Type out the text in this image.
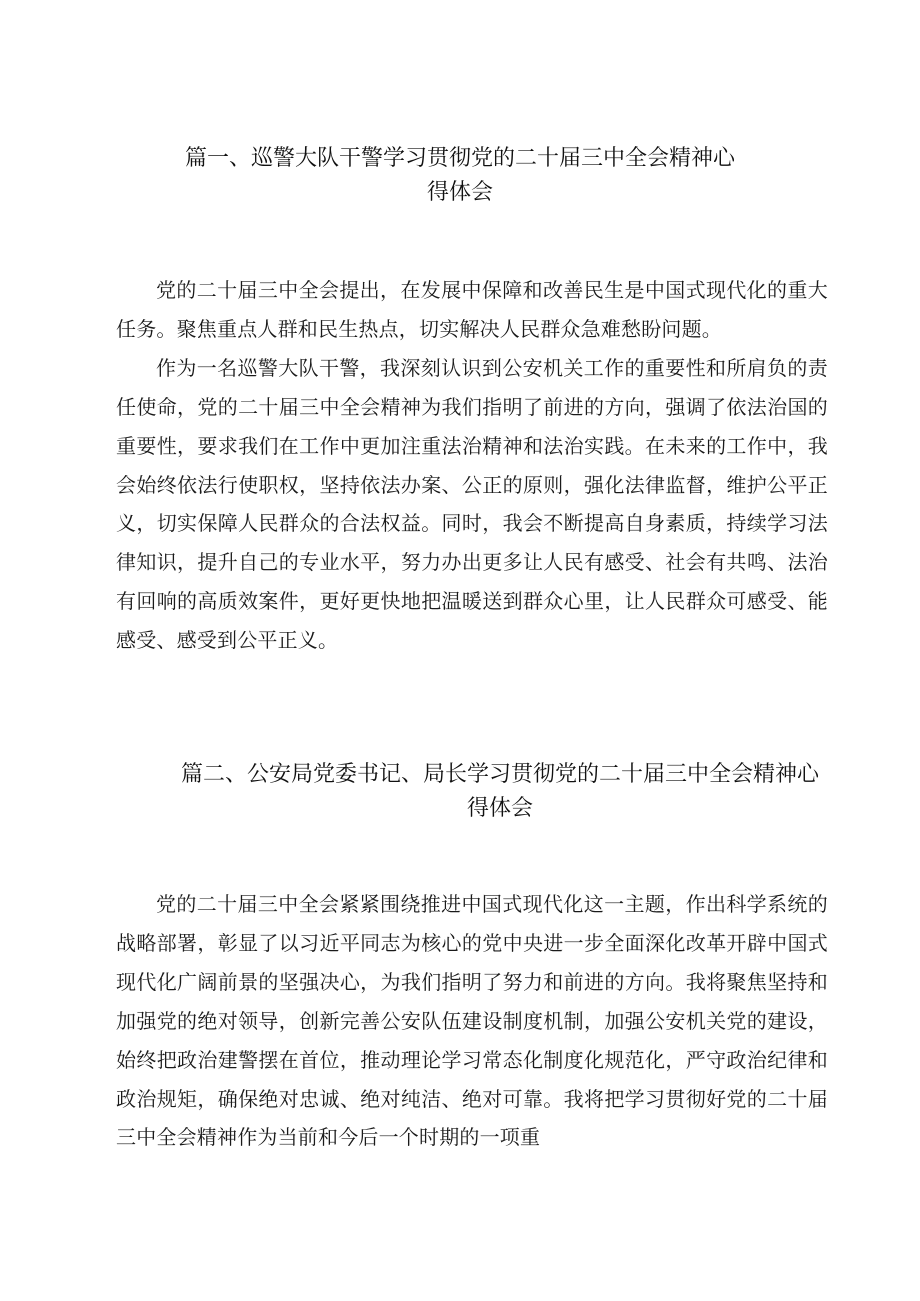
篇一、巡警大队干警学习贯彻党的二十届三中全会精神心
得体会

党的二十届三中全会提出，在发展中保障和改善民生是中国式现代化的重大任务。聚焦重点人群和民生热点，切实解决人民群众急难愁盼问题。

作为一名巡警大队干警，我深刻认识到公安机关工作的重要性和所肩负的责任使命，党的二十届三中全会精神为我们指明了前进的方向，强调了依法治国的重要性，要求我们在工作中更加注重法治精神和法治实践。在未来的工作中，我会始终依法行使职权，坚持依法办案、公正的原则，强化法律监督，维护公平正义，切实保障人民群众的合法权益。同时，我会不断提高自身素质，持续学习法律知识，提升自己的专业水平，努力办出更多让人民有感受、社会有共鸣、法治有回响的高质效案件，更好更快地把温暖送到群众心里，让人民群众可感受、能感受、感受到公平正义。

篇二、公安局党委书记、局长学习贯彻党的二十届三中全会精神心
得体会

党的二十届三中全会紧紧围绕推进中国式现代化这一主题，作出科学系统的战略部署，彰显了以习近平同志为核心的党中央进一步全面深化改革开辟中国式现代化广阔前景的坚强决心，为我们指明了努力和前进的方向。我将聚焦坚持和加强党的绝对领导，创新完善公安队伍建设制度机制，加强公安机关党的建设，始终把政治建警摆在首位，推动理论学习常态化制度化规范化，严守政治纪律和政治规矩，确保绝对忠诚、绝对纯洁、绝对可靠。我将把学习贯彻好党的二十届三中全会精神作为当前和今后一个时期的一项重
